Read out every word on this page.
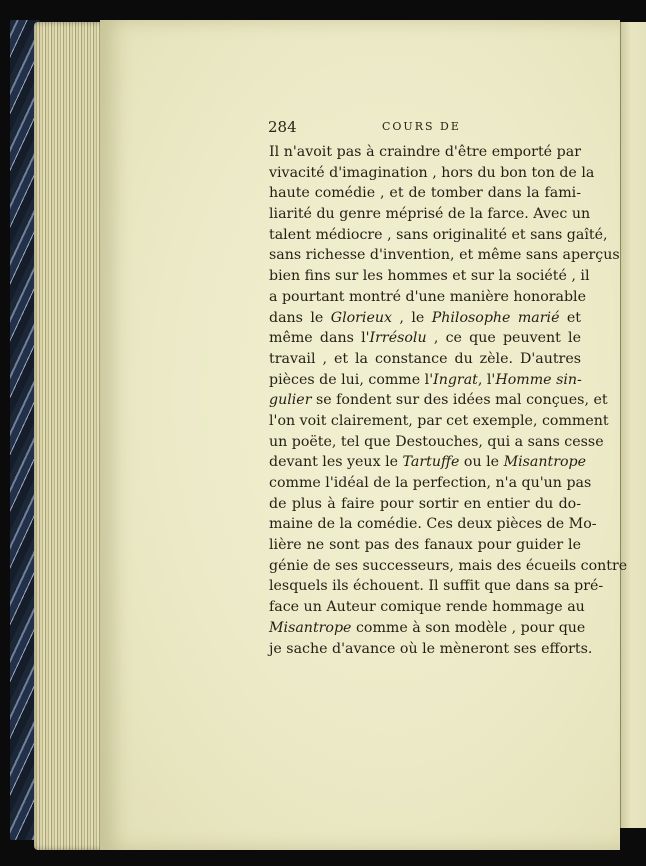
284	COURS DE
Il n'avoit pas à craindre d'être emporté par
vivacité d'imagination , hors du bon ton de la
haute comédie , et de tomber dans la fami-
liarité du genre méprisé de la farce. Avec un
talent médiocre , sans originalité et sans gaîté,
sans richesse d'invention, et même sans aperçus
bien fins sur les hommes et sur la société , il
a pourtant montré d'une manière honorable
dans le Glorieux , le Philosophe marié et
même dans l'Irrésolu , ce que peuvent le
travail , et la constance du zèle. D'autres
pièces de lui, comme l'Ingrat, l'Homme sin-
gulier se fondent sur des idées mal conçues, et
l'on voit clairement, par cet exemple, comment
un poëte, tel que Destouches, qui a sans cesse
devant les yeux le Tartuffe ou le Misantrope
comme l'idéal de la perfection, n'a qu'un pas
de plus à faire pour sortir en entier du do-
maine de la comédie. Ces deux pièces de Mo-
lière ne sont pas des fanaux pour guider le
génie de ses successeurs, mais des écueils contre
lesquels ils échouent. Il suffit que dans sa pré-
face un Auteur comique rende hommage au
Misantrope comme à son modèle , pour que
je sache d'avance où le mèneront ses efforts.
